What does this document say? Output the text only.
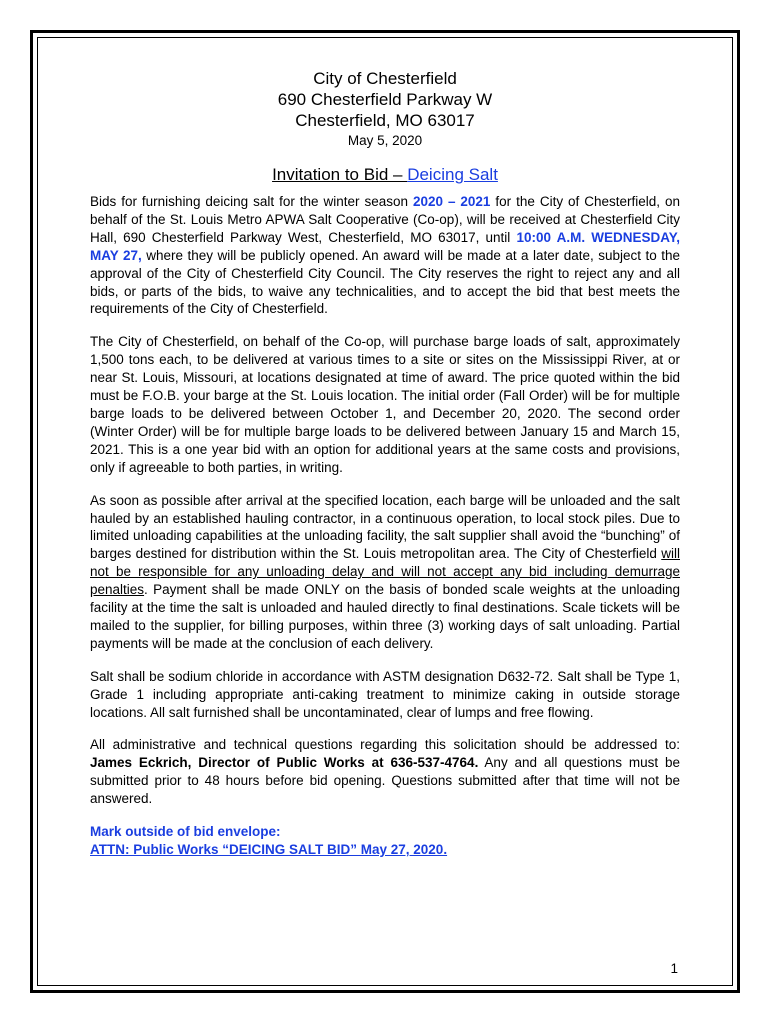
City of Chesterfield
690 Chesterfield Parkway W
Chesterfield, MO 63017
May 5, 2020
Invitation to Bid – Deicing Salt

Bids for furnishing deicing salt for the winter season 2020 – 2021 for the City of Chesterfield, on behalf of the St. Louis Metro APWA Salt Cooperative (Co-op), will be received at Chesterfield City Hall, 690 Chesterfield Parkway West, Chesterfield, MO 63017, until 10:00 A.M. WEDNESDAY, MAY 27, where they will be publicly opened. An award will be made at a later date, subject to the approval of the City of Chesterfield City Council. The City reserves the right to reject any and all bids, or parts of the bids, to waive any technicalities, and to accept the bid that best meets the requirements of the City of Chesterfield.

The City of Chesterfield, on behalf of the Co-op, will purchase barge loads of salt, approximately 1,500 tons each, to be delivered at various times to a site or sites on the Mississippi River, at or near St. Louis, Missouri, at locations designated at time of award. The price quoted within the bid must be F.O.B. your barge at the St. Louis location. The initial order (Fall Order) will be for multiple barge loads to be delivered between October 1, and December 20, 2020. The second order (Winter Order) will be for multiple barge loads to be delivered between January 15 and March 15, 2021. This is a one year bid with an option for additional years at the same costs and provisions, only if agreeable to both parties, in writing.

As soon as possible after arrival at the specified location, each barge will be unloaded and the salt hauled by an established hauling contractor, in a continuous operation, to local stock piles. Due to limited unloading capabilities at the unloading facility, the salt supplier shall avoid the “bunching” of barges destined for distribution within the St. Louis metropolitan area. The City of Chesterfield will not be responsible for any unloading delay and will not accept any bid including demurrage penalties. Payment shall be made ONLY on the basis of bonded scale weights at the unloading facility at the time the salt is unloaded and hauled directly to final destinations. Scale tickets will be mailed to the supplier, for billing purposes, within three (3) working days of salt unloading. Partial payments will be made at the conclusion of each delivery.

Salt shall be sodium chloride in accordance with ASTM designation D632-72. Salt shall be Type 1, Grade 1 including appropriate anti-caking treatment to minimize caking in outside storage locations. All salt furnished shall be uncontaminated, clear of lumps and free flowing.

All administrative and technical questions regarding this solicitation should be addressed to: James Eckrich, Director of Public Works at 636-537-4764. Any and all questions must be submitted prior to 48 hours before bid opening. Questions submitted after that time will not be answered.

Mark outside of bid envelope:
ATTN: Public Works “DEICING SALT BID” May 27, 2020.
1
